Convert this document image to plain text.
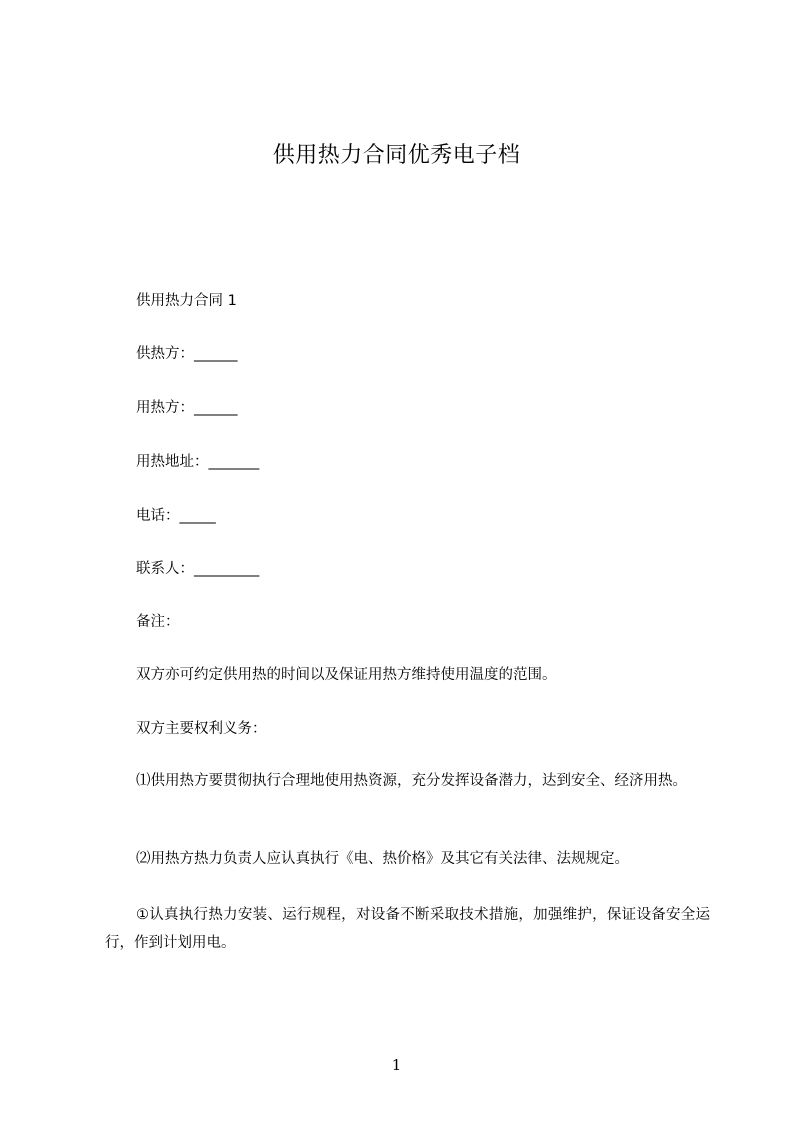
供用热力合同优秀电子档
供用热力合同 1
供热方：______
用热方：______
用热地址：_______
电话：_____
联系人：_________
备注：
双方亦可约定供用热的时间以及保证用热方维持使用温度的范围。
双方主要权利义务：
⑴供用热方要贯彻执行合理地使用热资源，充分发挥设备潜力，达到安全、经济用热。
⑵用热方热力负责人应认真执行《电、热价格》及其它有关法律、法规规定。
①认真执行热力安装、运行规程，对设备不断采取技术措施，加强维护，保证设备安全运行，作到计划用电。
1
